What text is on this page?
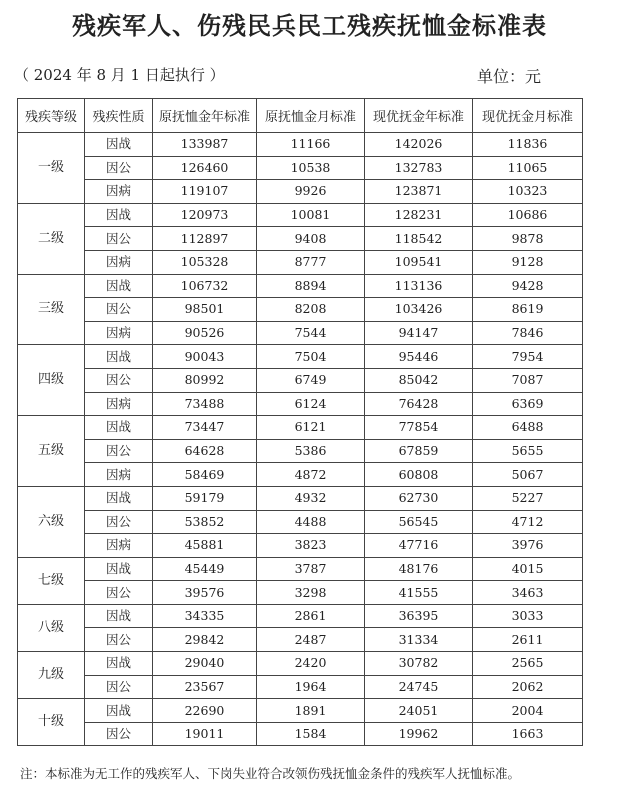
残疾军人、伤残民兵民工残疾抚恤金标准表
（ 2024 年 8 月 1 日起执行 ）	单位：元
残疾等级	残疾性质	原抚恤金年标准	原抚恤金月标准	现优抚金年标准	现优抚金月标准
一级	因战	133987	11166	142026	11836
	因公	126460	10538	132783	11065
	因病	119107	9926	123871	10323
二级	因战	120973	10081	128231	10686
	因公	112897	9408	118542	9878
	因病	105328	8777	109541	9128
三级	因战	106732	8894	113136	9428
	因公	98501	8208	103426	8619
	因病	90526	7544	94147	7846
四级	因战	90043	7504	95446	7954
	因公	80992	6749	85042	7087
	因病	73488	6124	76428	6369
五级	因战	73447	6121	77854	6488
	因公	64628	5386	67859	5655
	因病	58469	4872	60808	5067
六级	因战	59179	4932	62730	5227
	因公	53852	4488	56545	4712
	因病	45881	3823	47716	3976
七级	因战	45449	3787	48176	4015
	因公	39576	3298	41555	3463
八级	因战	34335	2861	36395	3033
	因公	29842	2487	31334	2611
九级	因战	29040	2420	30782	2565
	因公	23567	1964	24745	2062
十级	因战	22690	1891	24051	2004
	因公	19011	1584	19962	1663
注：本标准为无工作的残疾军人、下岗失业符合改领伤残抚恤金条件的残疾军人抚恤标准。
